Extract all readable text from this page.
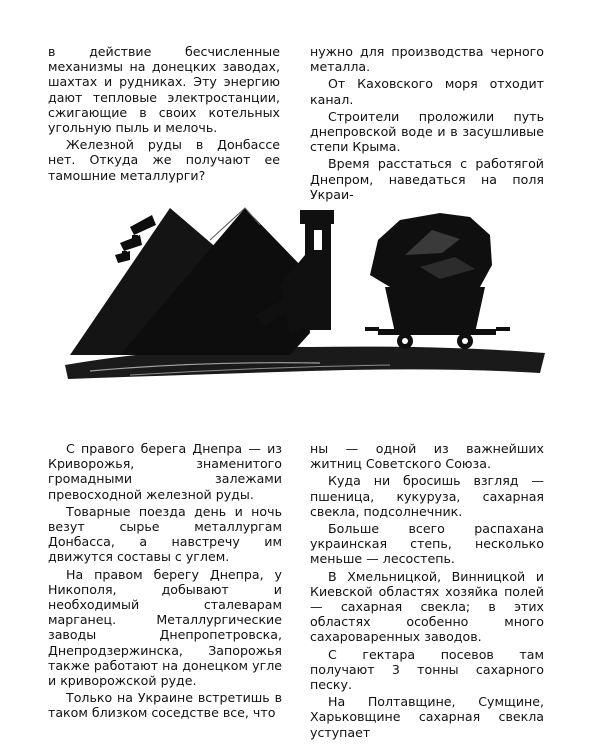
в действие бесчисленные механизмы на донецких заводах, шахтах и рудниках. Эту энергию дают тепловые электростанции, сжигающие в своих котельных угольную пыль и мелочь.

Железной руды в Донбассе нет. Откуда же получают ее тамошние металлурги?

нужно для производства черного металла.

От Каховского моря отходит канал.

Строители проложили путь днепровской воде и в засушливые степи Крыма.

Время расстаться с работягой Днепром, наведаться на поля Украи-

С правого берега Днепра — из Криворожья, знаменитого громадными залежами превосходной железной руды.

Товарные поезда день и ночь везут сырье металлургам Донбасса, а навстречу им движутся составы с углем.

На правом берегу Днепра, у Никополя, добывают и необходимый сталеварам марганец. Металлургические заводы Днепропетровска, Днепродзержинска, Запорожья также работают на донецком угле и криворожской руде.

Только на Украине встретишь в таком близком соседстве все, что

ны — одной из важнейших житниц Советского Союза.

Куда ни бросишь взгляд — пшеница, кукуруза, сахарная свекла, подсолнечник.

Больше всего распахана украинская степь, несколько меньше — лесостепь.

В Хмельницкой, Винницкой и Киевской областях хозяйка полей — сахарная свекла; в этих областях особенно много сахароваренных заводов.

С гектара посевов там получают 3 тонны сахарного песку.

На Полтавщине, Сумщине, Харьковщине сахарная свекла уступает
